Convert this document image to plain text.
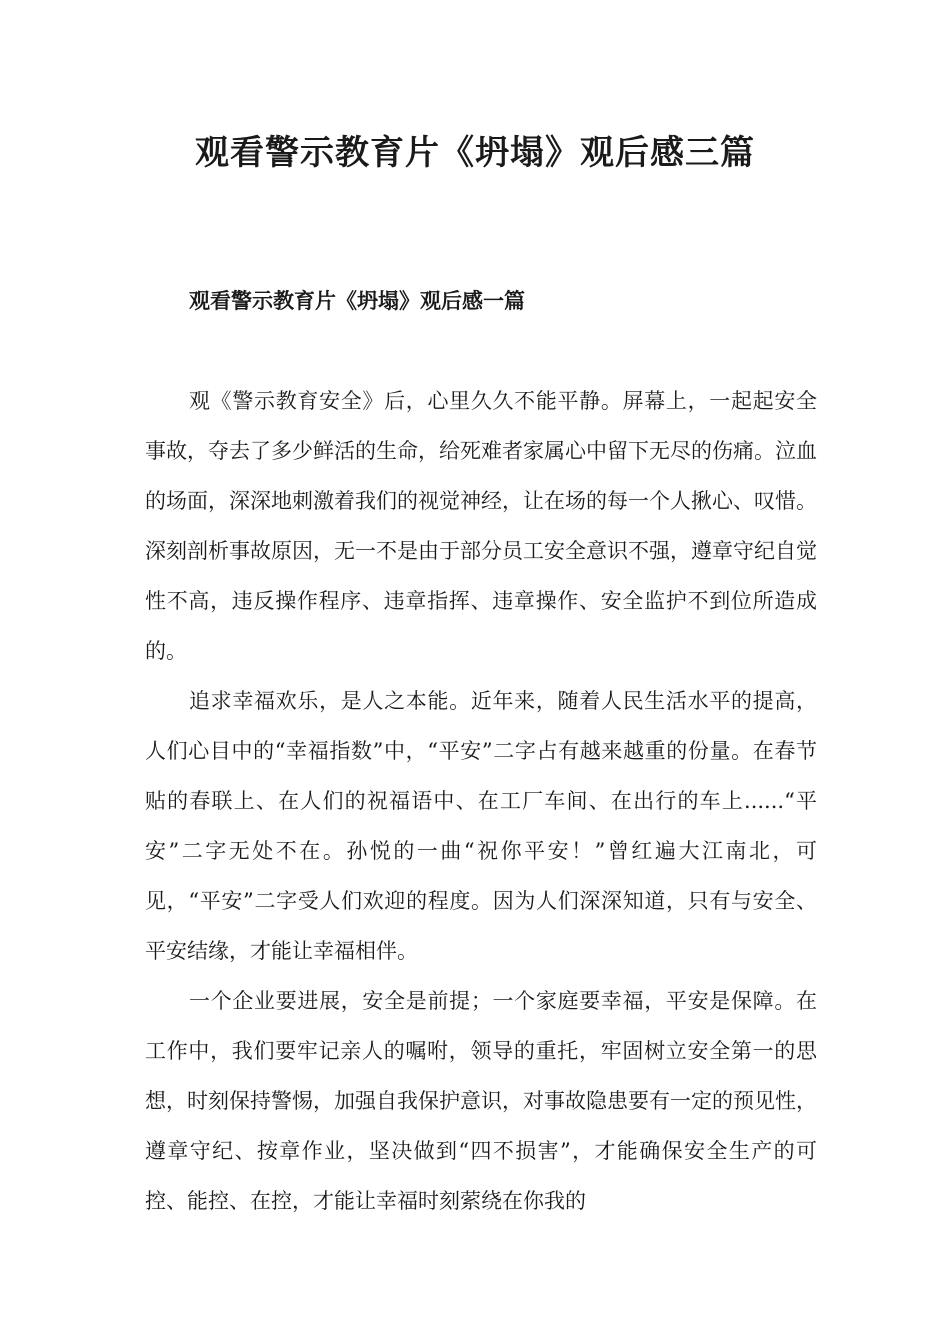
观看警示教育片《坍塌》观后感三篇
观看警示教育片《坍塌》观后感一篇

观《警示教育安全》后，心里久久不能平静。屏幕上，一起起安全事故，夺去了多少鲜活的生命，给死难者家属心中留下无尽的伤痛。泣血的场面，深深地刺激着我们的视觉神经，让在场的每一个人揪心、叹惜。深刻剖析事故原因，无一不是由于部分员工安全意识不强，遵章守纪自觉性不高，违反操作程序、违章指挥、违章操作、安全监护不到位所造成的。

追求幸福欢乐，是人之本能。近年来，随着人民生活水平的提高，人们心目中的“幸福指数”中，“平安”二字占有越来越重的份量。在春节贴的春联上、在人们的祝福语中、在工厂车间、在出行的车上......“平安”二字无处不在。孙悦的一曲“祝你平安！”曾红遍大江南北，可见，“平安”二字受人们欢迎的程度。因为人们深深知道，只有与安全、平安结缘，才能让幸福相伴。

一个企业要进展，安全是前提；一个家庭要幸福，平安是保障。在工作中，我们要牢记亲人的嘱咐，领导的重托，牢固树立安全第一的思想，时刻保持警惕，加强自我保护意识，对事故隐患要有一定的预见性，遵章守纪、按章作业，坚决做到“四不损害”，才能确保安全生产的可控、能控、在控，才能让幸福时刻萦绕在你我的
